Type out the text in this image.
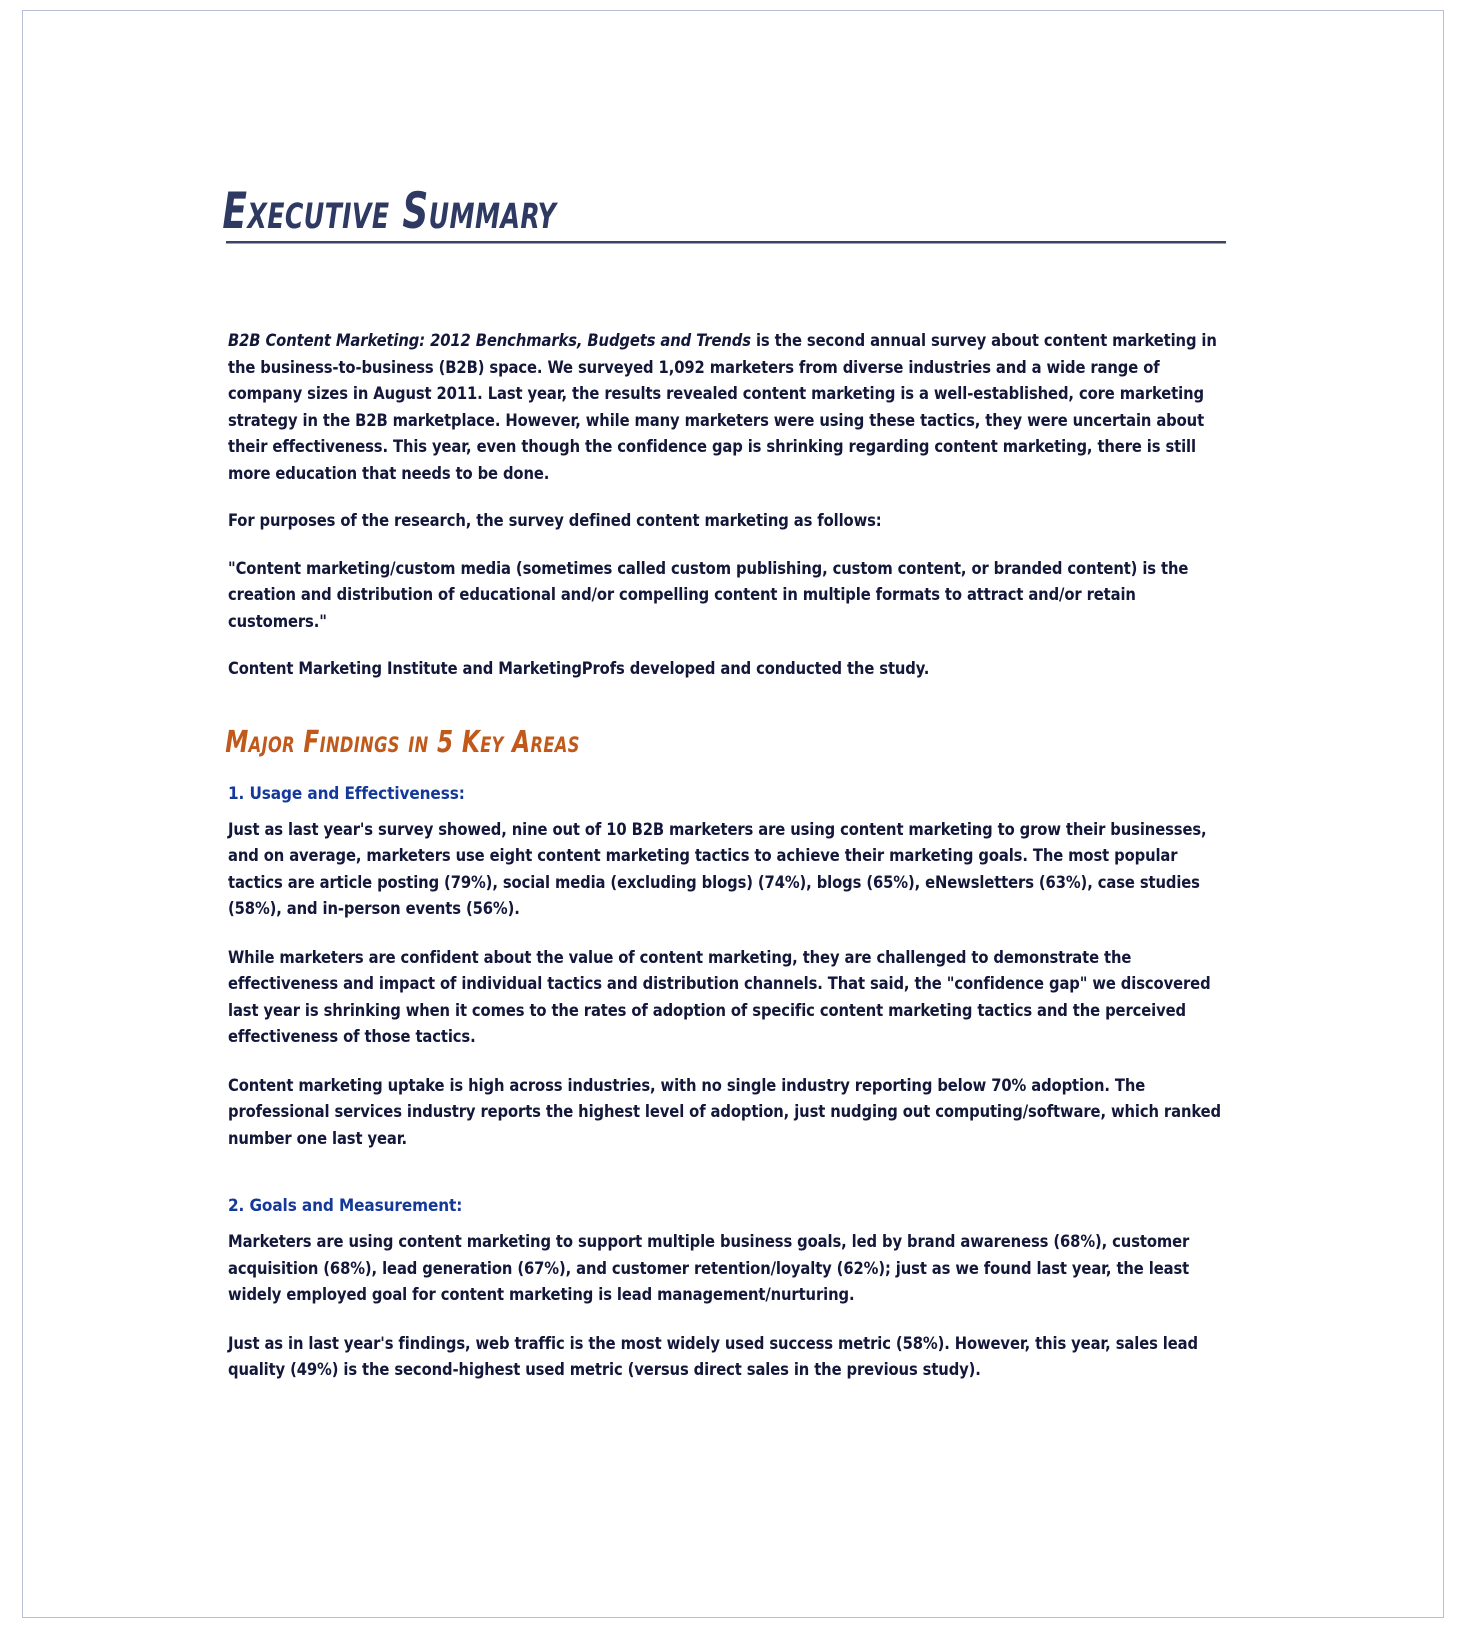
Executive Summary

B2B Content Marketing: 2012 Benchmarks, Budgets and Trends is the second annual survey about content marketing in the business-to-business (B2B) space. We surveyed 1,092 marketers from diverse industries and a wide range of company sizes in August 2011. Last year, the results revealed content marketing is a well-established, core marketing strategy in the B2B marketplace. However, while many marketers were using these tactics, they were uncertain about their effectiveness. This year, even though the confidence gap is shrinking regarding content marketing, there is still more education that needs to be done.

For purposes of the research, the survey defined content marketing as follows:

"Content marketing/custom media (sometimes called custom publishing, custom content, or branded content) is the creation and distribution of educational and/or compelling content in multiple formats to attract and/or retain customers."

Content Marketing Institute and MarketingProfs developed and conducted the study.

Major Findings in 5 Key Areas
1. Usage and Effectiveness:

Just as last year's survey showed, nine out of 10 B2B marketers are using content marketing to grow their businesses, and on average, marketers use eight content marketing tactics to achieve their marketing goals. The most popular tactics are article posting (79%), social media (excluding blogs) (74%), blogs (65%), eNewsletters (63%), case studies (58%), and in-person events (56%).

While marketers are confident about the value of content marketing, they are challenged to demonstrate the effectiveness and impact of individual tactics and distribution channels. That said, the "confidence gap" we discovered last year is shrinking when it comes to the rates of adoption of specific content marketing tactics and the perceived effectiveness of those tactics.

Content marketing uptake is high across industries, with no single industry reporting below 70% adoption. The professional services industry reports the highest level of adoption, just nudging out computing/software, which ranked number one last year.

2. Goals and Measurement:

Marketers are using content marketing to support multiple business goals, led by brand awareness (68%), customer acquisition (68%), lead generation (67%), and customer retention/loyalty (62%); just as we found last year, the least widely employed goal for content marketing is lead management/nurturing.

Just as in last year's findings, web traffic is the most widely used success metric (58%). However, this year, sales lead quality (49%) is the second-highest used metric (versus direct sales in the previous study).
